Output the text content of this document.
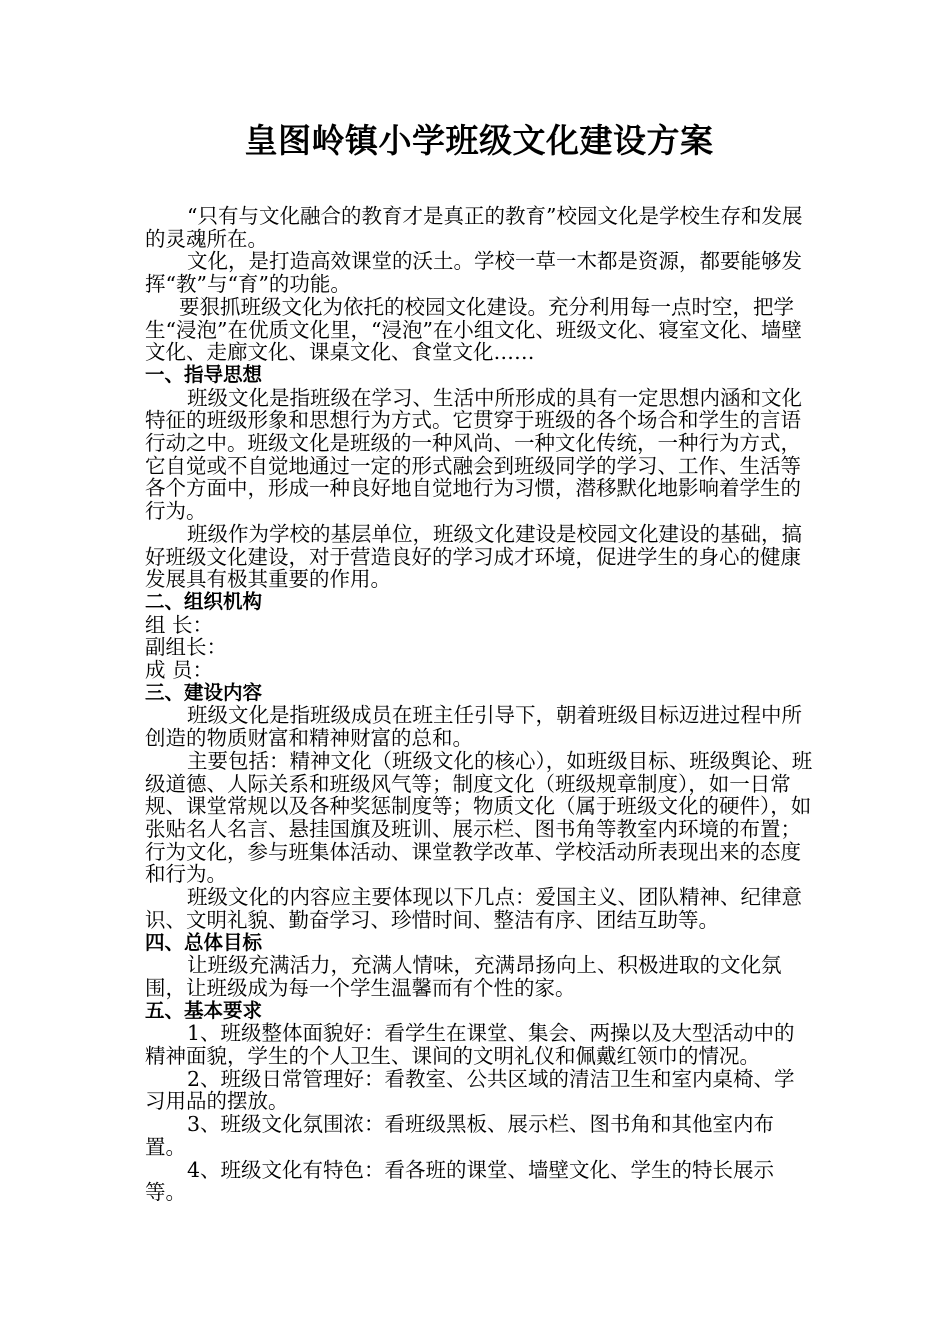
皇图岭镇小学班级文化建设方案

“只有与文化融合的教育才是真正的教育”校园文化是学校生存和发展的灵魂所在。

文化，是打造高效课堂的沃土。学校一草一木都是资源，都要能够发挥“教”与“育”的功能。

要狠抓班级文化为依托的校园文化建设。充分利用每一点时空，把学生“浸泡”在优质文化里，“浸泡”在小组文化、班级文化、寝室文化、墙壁文化、走廊文化、课桌文化、食堂文化……

一、指导思想

班级文化是指班级在学习、生活中所形成的具有一定思想内涵和文化特征的班级形象和思想行为方式。它贯穿于班级的各个场合和学生的言语行动之中。班级文化是班级的一种风尚、一种文化传统，一种行为方式，它自觉或不自觉地通过一定的形式融会到班级同学的学习、工作、生活等各个方面中，形成一种良好地自觉地行为习惯，潜移默化地影响着学生的行为。

班级作为学校的基层单位，班级文化建设是校园文化建设的基础，搞好班级文化建设，对于营造良好的学习成才环境，促进学生的身心的健康发展具有极其重要的作用。

二、组织机构

组 长：

副组长：

成 员：

三、建设内容

班级文化是指班级成员在班主任引导下，朝着班级目标迈进过程中所创造的物质财富和精神财富的总和。

主要包括：精神文化（班级文化的核心），如班级目标、班级舆论、班级道德、人际关系和班级风气等；制度文化（班级规章制度），如一日常规、课堂常规以及各种奖惩制度等；物质文化（属于班级文化的硬件），如张贴名人名言、悬挂国旗及班训、展示栏、图书角等教室内环境的布置；行为文化，参与班集体活动、课堂教学改革、学校活动所表现出来的态度和行为。

班级文化的内容应主要体现以下几点：爱国主义、团队精神、纪律意识、文明礼貌、勤奋学习、珍惜时间、整洁有序、团结互助等。

四、总体目标

让班级充满活力，充满人情味，充满昂扬向上、积极进取的文化氛围，让班级成为每一个学生温馨而有个性的家。

五、基本要求

1、班级整体面貌好：看学生在课堂、集会、两操以及大型活动中的精神面貌，学生的个人卫生、课间的文明礼仪和佩戴红领巾的情况。

2、班级日常管理好：看教室、公共区域的清洁卫生和室内桌椅、学习用品的摆放。

3、班级文化氛围浓：看班级黑板、展示栏、图书角和其他室内布置。

4、班级文化有特色：看各班的课堂、墙壁文化、学生的特长展示等。
